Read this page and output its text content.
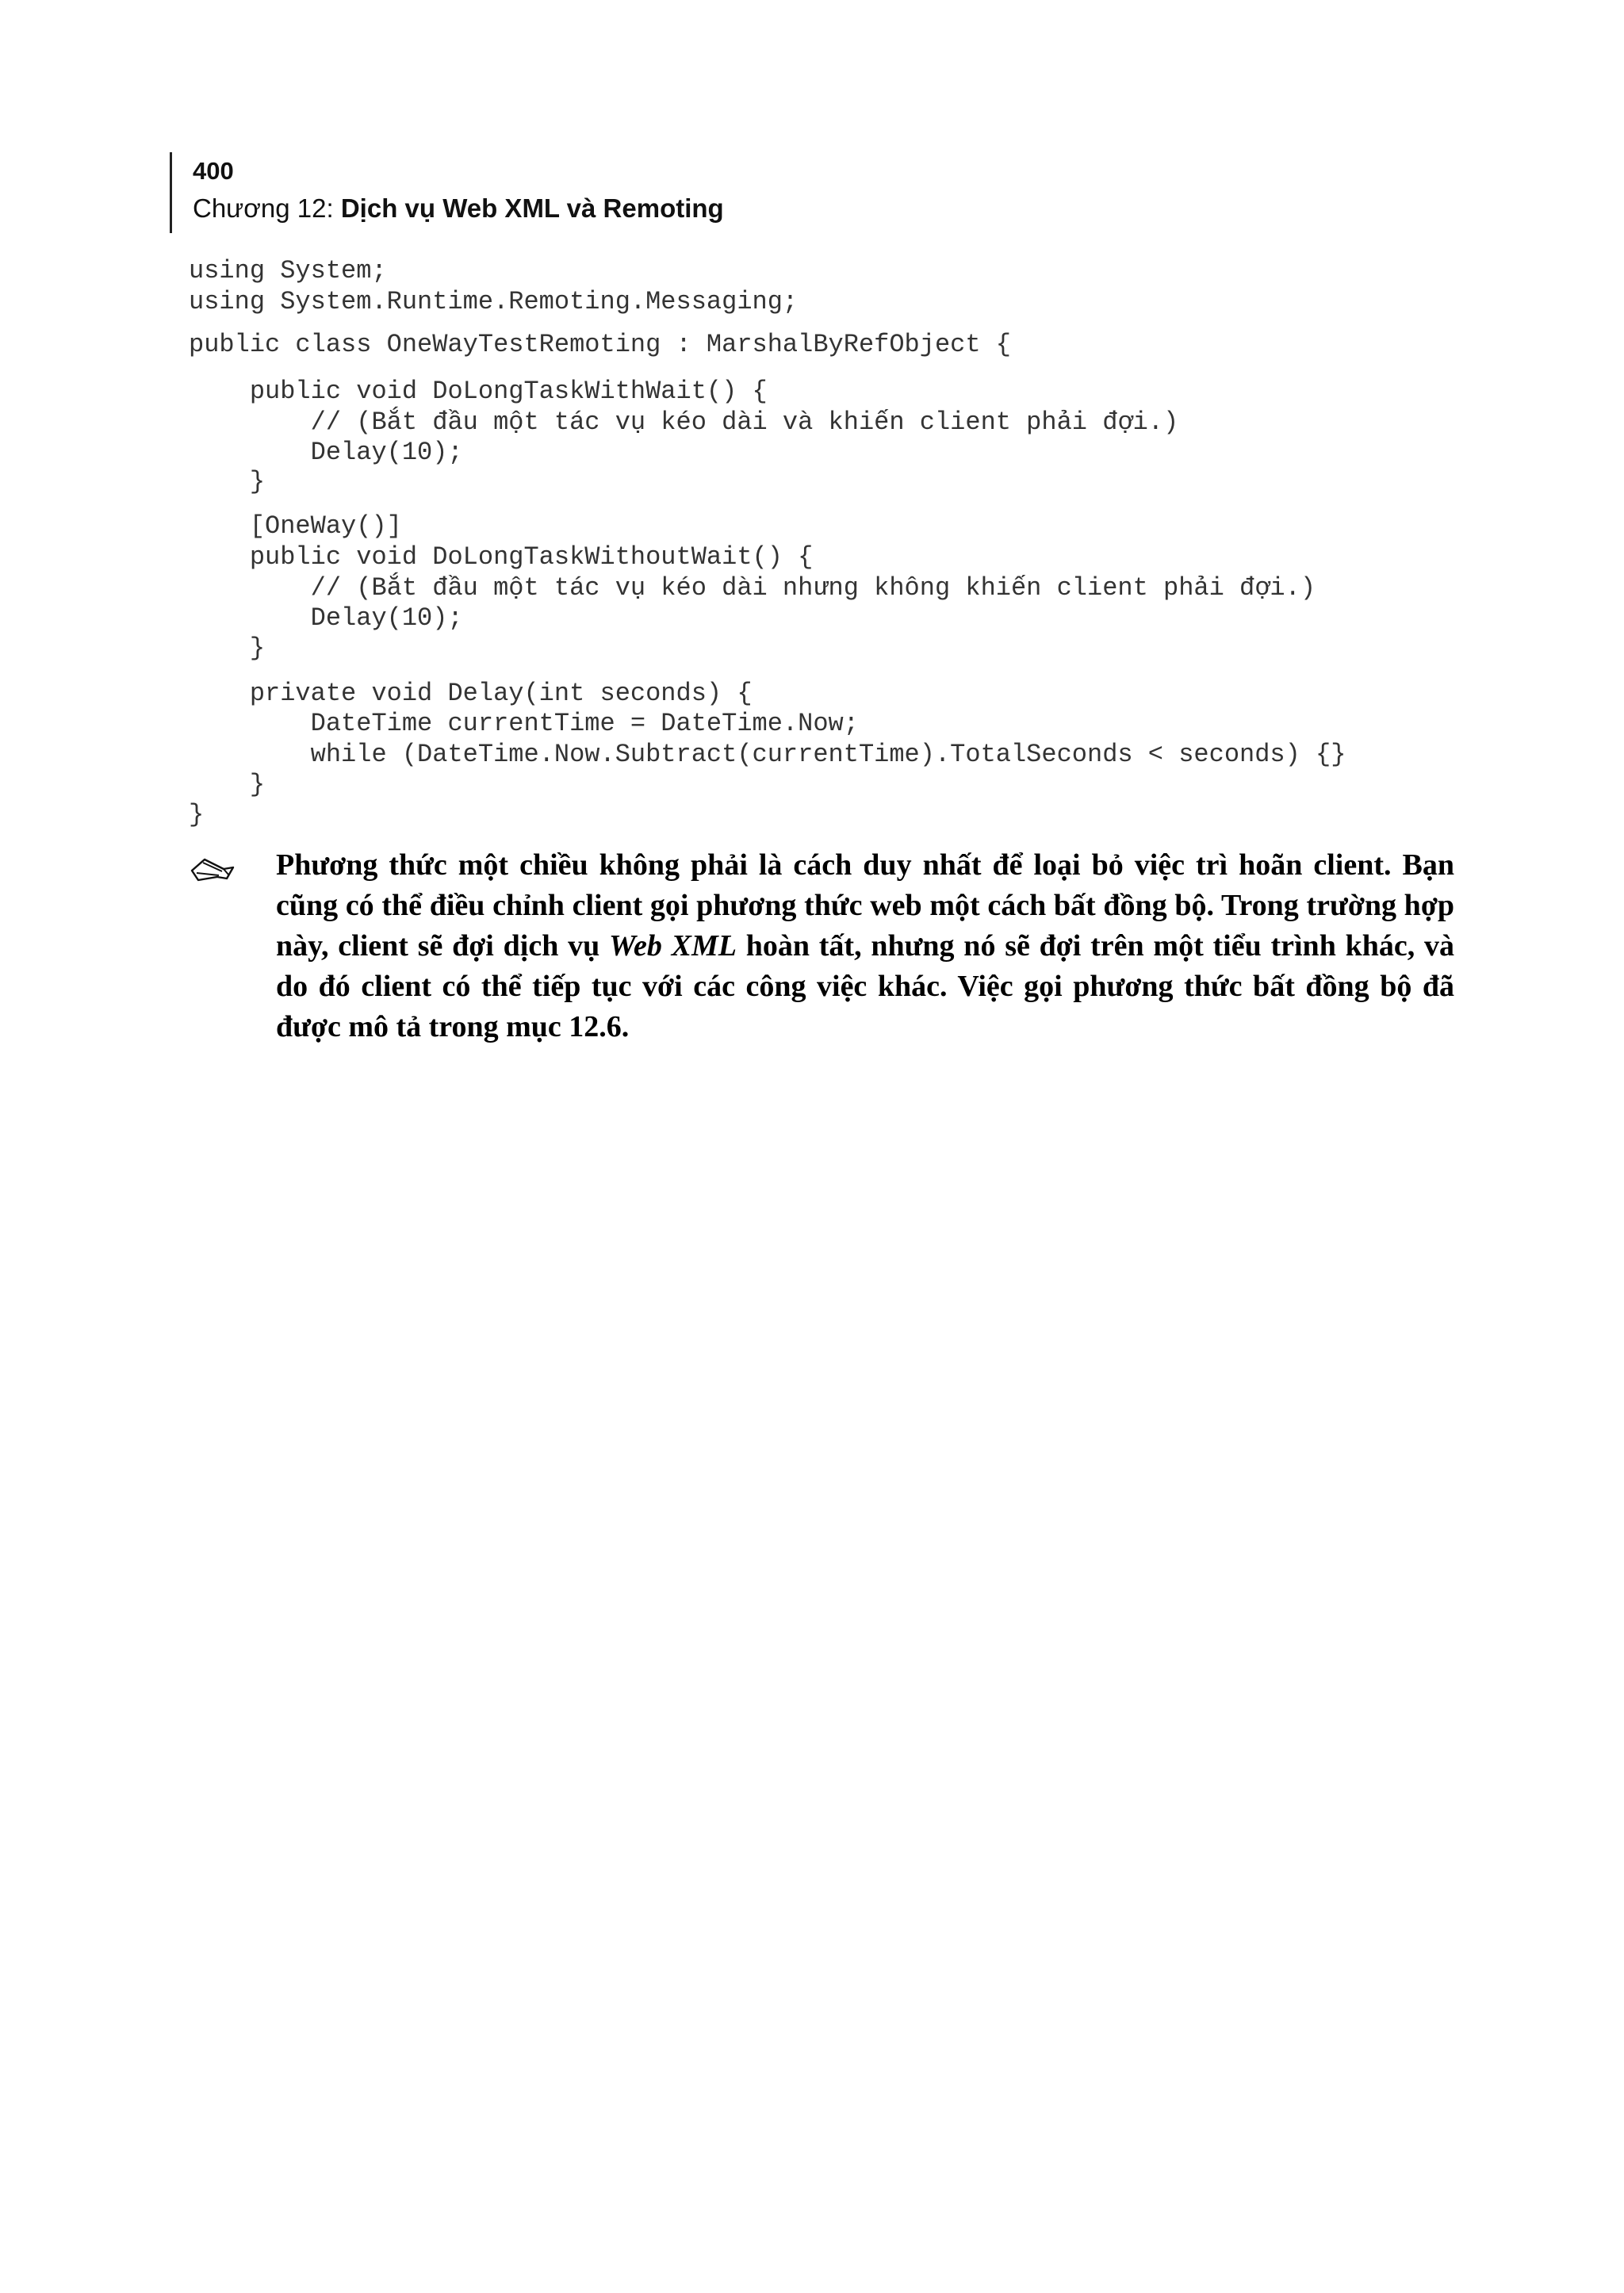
400
Chương 12: Dịch vụ Web XML và Remoting

using System;

using System.Runtime.Remoting.Messaging;

public class OneWayTestRemoting : MarshalByRefObject {

public void DoLongTaskWithWait() {

// (Bắt đầu một tác vụ kéo dài và khiến client phải đợi.)

Delay(10);

}

[OneWay()]

public void DoLongTaskWithoutWait() {

// (Bắt đầu một tác vụ kéo dài nhưng không khiến client phải đợi.)

Delay(10);

}

private void Delay(int seconds) {

DateTime currentTime = DateTime.Now;

while (DateTime.Now.Subtract(currentTime).TotalSeconds < seconds) {}

}

}

Phương thức một chiều không phải là cách duy nhất để loại bỏ việc trì hoãn client. Bạn cũng có thể điều chỉnh client gọi phương thức web một cách bất đồng bộ. Trong trường hợp này, client sẽ đợi dịch vụ Web XML hoàn tất, nhưng nó sẽ đợi trên một tiểu trình khác, và do đó client có thể tiếp tục với các công việc khác. Việc gọi phương thức bất đồng bộ đã được mô tả trong mục 12.6.
